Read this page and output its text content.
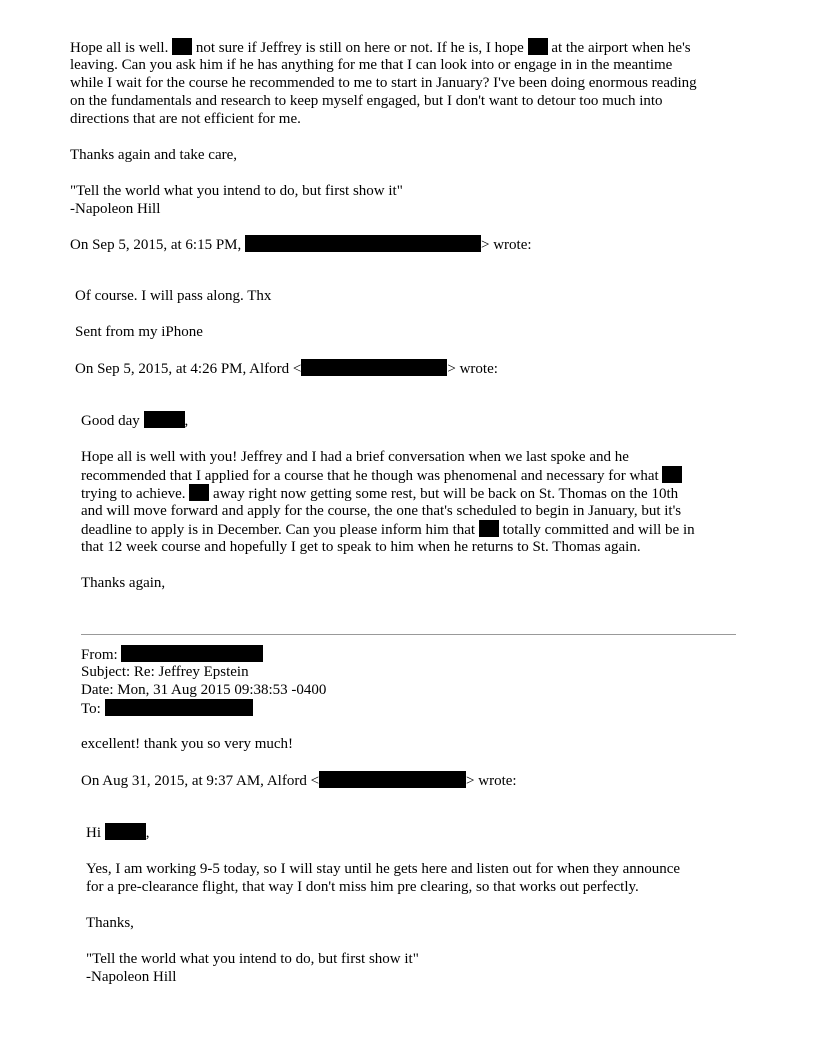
Hope all is well.  not sure if Jeffrey is still on here or not. If he is, I hope  at the airport when he's
leaving. Can you ask him if he has anything for me that I can look into or engage in in the meantime
while I wait for the course he recommended to me to start in January? I've been doing enormous reading
on the fundamentals and research to keep myself engaged, but I don't want to detour too much into
directions that are not efficient for me.
Thanks again and take care,
"Tell the world what you intend to do, but first show it"
-Napoleon Hill
On Sep 5, 2015, at 6:15 PM,	> wrote:
Of course. I will pass along. Thx
Sent from my iPhone
On Sep 5, 2015, at 4:26 PM, Alford <	> wrote:
Good day	,
Hope all is well with you! Jeffrey and I had a brief conversation when we last spoke and he
recommended that I applied for a course that he though was phenomenal and necessary for what
trying to achieve.  away right now getting some rest, but will be back on St. Thomas on the 10th
and will move forward and apply for the course, the one that's scheduled to begin in January, but it's
deadline to apply is in December. Can you please inform him that  totally committed and will be in
that 12 week course and hopefully I get to speak to him when he returns to St. Thomas again.
Thanks again,
From:
Subject: Re: Jeffrey Epstein
Date: Mon, 31 Aug 2015 09:38:53 -0400
To:
excellent! thank you so very much!
On Aug 31, 2015, at 9:37 AM, Alford <	> wrote:
Hi	,
Yes, I am working 9-5 today, so I will stay until he gets here and listen out for when they announce
for a pre-clearance flight, that way I don't miss him pre clearing, so that works out perfectly.
Thanks,
"Tell the world what you intend to do, but first show it"
-Napoleon Hill
